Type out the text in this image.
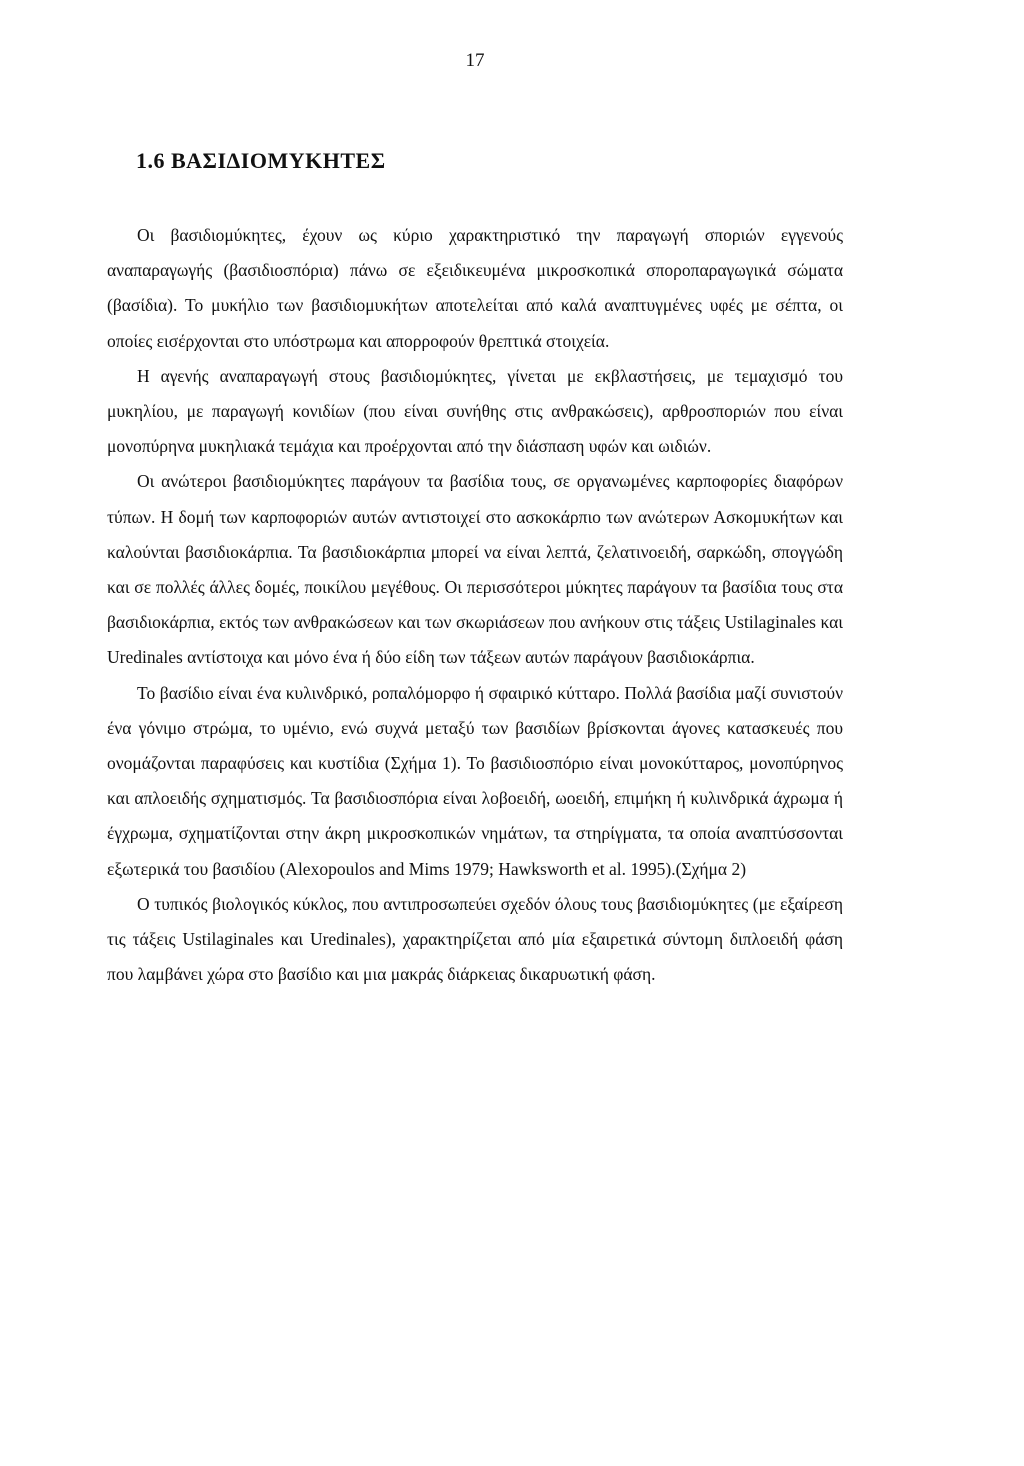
17
1.6 ΒΑΣΙΔΙΟΜΥΚΗΤΕΣ

Οι βασιδιομύκητες, έχουν ως κύριο χαρακτηριστικό την παραγωγή σποριών εγγενούς αναπαραγωγής (βασιδιοσπόρια) πάνω σε εξειδικευμένα μικροσκοπικά σποροπαραγωγικά σώματα (βασίδια). Το μυκήλιο των βασιδιομυκήτων αποτελείται από καλά αναπτυγμένες υφές με σέπτα, οι οποίες εισέρχονται στο υπόστρωμα και απορροφούν θρεπτικά στοιχεία.

Η αγενής αναπαραγωγή στους βασιδιομύκητες, γίνεται με εκβλαστήσεις, με τεμαχισμό του μυκηλίου, με παραγωγή κονιδίων (που είναι συνήθης στις ανθρακώσεις), αρθροσποριών που είναι μονοπύρηνα μυκηλιακά τεμάχια και προέρχονται από την διάσπαση υφών και ωιδιών.

Οι ανώτεροι βασιδιομύκητες παράγουν τα βασίδια τους, σε οργανωμένες καρποφορίες διαφόρων τύπων. Η δομή των καρποφοριών αυτών αντιστοιχεί στο ασκοκάρπιο των ανώτερων Ασκομυκήτων και καλούνται βασιδιοκάρπια. Τα βασιδιοκάρπια μπορεί να είναι λεπτά, ζελατινοειδή, σαρκώδη, σπογγώδη και σε πολλές άλλες δομές, ποικίλου μεγέθους. Οι περισσότεροι μύκητες παράγουν τα βασίδια τους στα βασιδιοκάρπια, εκτός των ανθρακώσεων και των σκωριάσεων που ανήκουν στις τάξεις Ustilaginales και Uredinales αντίστοιχα και μόνο ένα ή δύο είδη των τάξεων αυτών παράγουν βασιδιοκάρπια.

Το βασίδιο είναι ένα κυλινδρικό, ροπαλόμορφο ή σφαιρικό κύτταρο. Πολλά βασίδια μαζί συνιστούν ένα γόνιμο στρώμα, το υμένιο, ενώ συχνά μεταξύ των βασιδίων βρίσκονται άγονες κατασκευές που ονομάζονται παραφύσεις και κυστίδια (Σχήμα 1). Το βασιδιοσπόριο είναι μονοκύτταρος, μονοπύρηνος και απλοειδής σχηματισμός. Τα βασιδιοσπόρια είναι λοβοειδή, ωοειδή, επιμήκη ή κυλινδρικά άχρωμα ή έγχρωμα, σχηματίζονται στην άκρη μικροσκοπικών νημάτων, τα στηρίγματα, τα οποία αναπτύσσονται εξωτερικά του βασιδίου (Alexopoulos and Mims 1979; Hawksworth et al. 1995).(Σχήμα 2)

Ο τυπικός βιολογικός κύκλος, που αντιπροσωπεύει σχεδόν όλους τους βασιδιομύκητες (με εξαίρεση τις τάξεις Ustilaginales και Uredinales), χαρακτηρίζεται από μία εξαιρετικά σύντομη διπλοειδή φάση που λαμβάνει χώρα στο βασίδιο και μια μακράς διάρκειας δικαρυωτική φάση.
